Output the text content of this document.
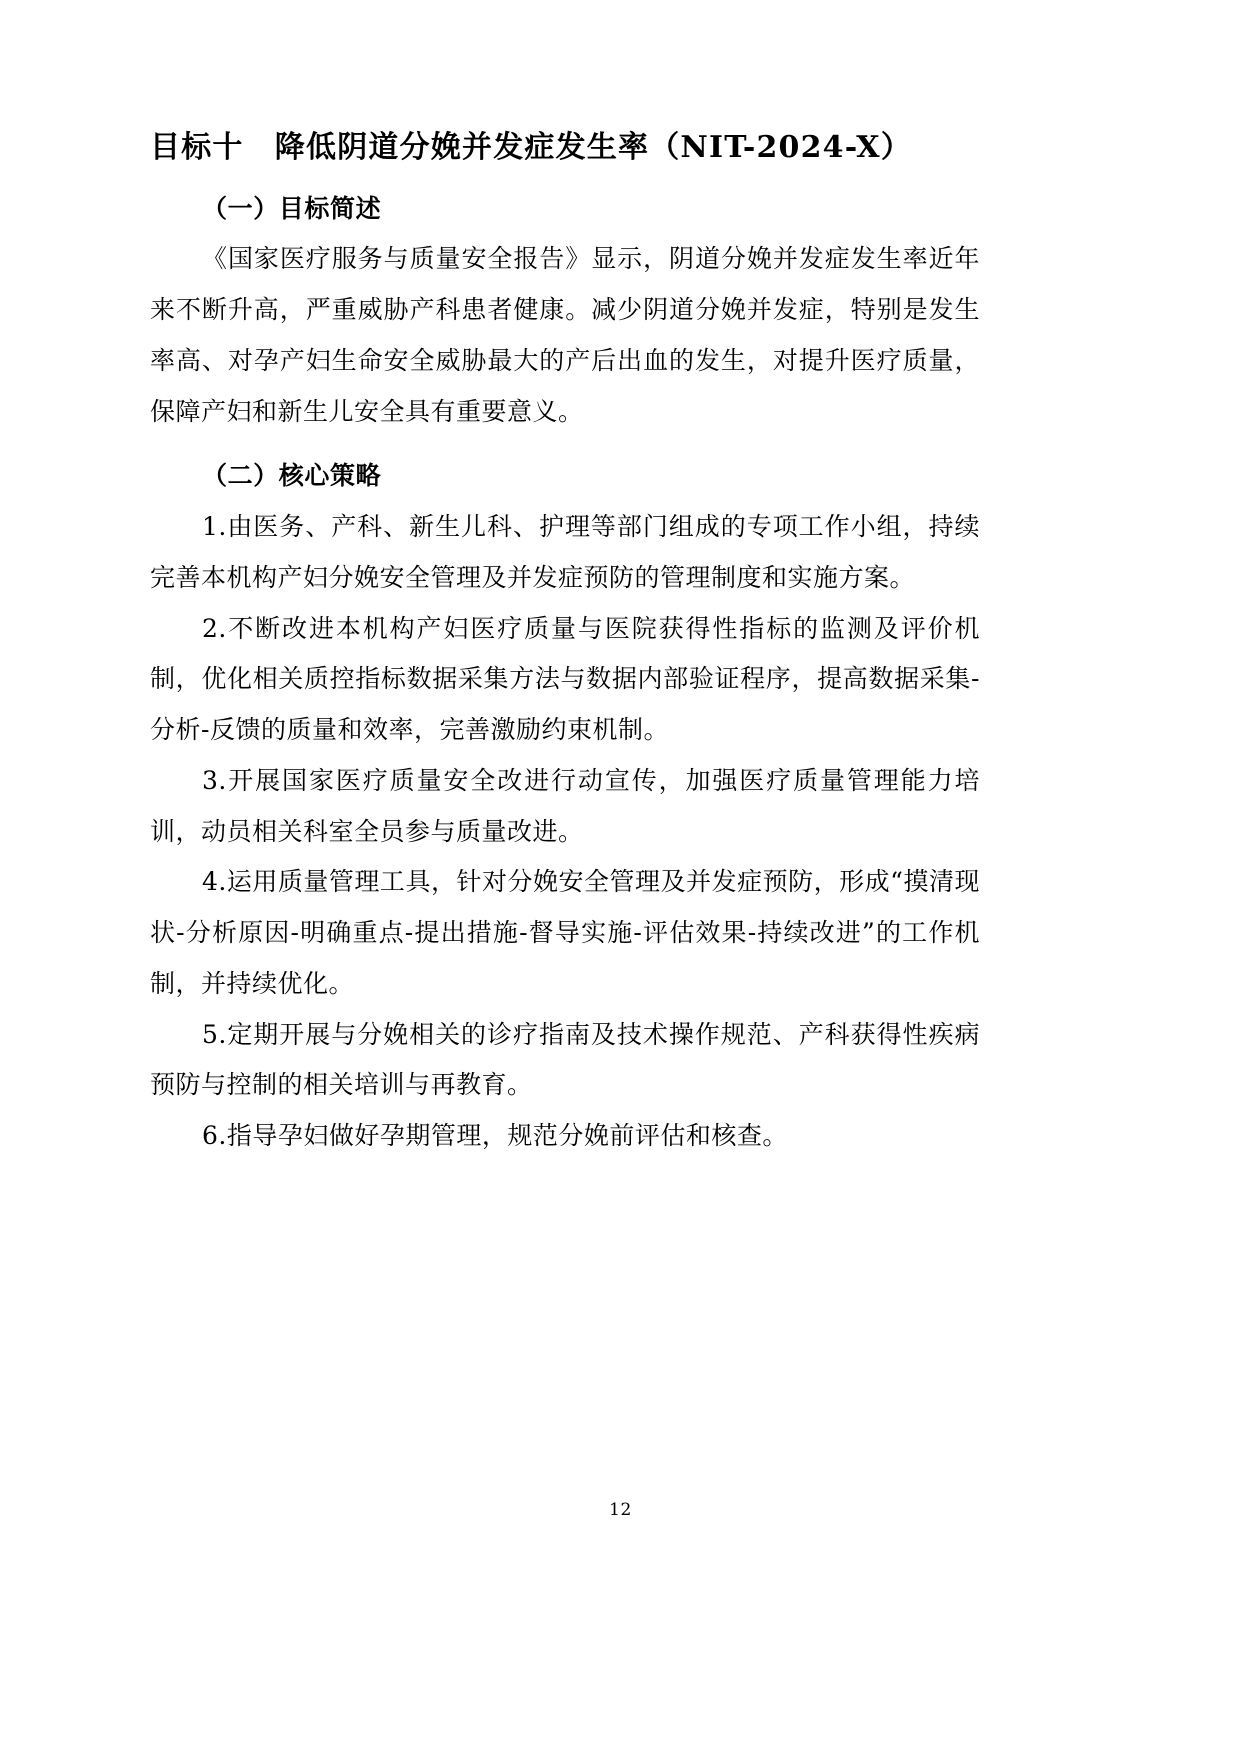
目标十　降低阴道分娩并发症发生率（NIT-2024-X）
（一）目标简述

《国家医疗服务与质量安全报告》显示，阴道分娩并发症发生率近年来不断升高，严重威胁产科患者健康。减少阴道分娩并发症，特别是发生率高、对孕产妇生命安全威胁最大的产后出血的发生，对提升医疗质量，保障产妇和新生儿安全具有重要意义。

（二）核心策略

1.由医务、产科、新生儿科、护理等部门组成的专项工作小组，持续完善本机构产妇分娩安全管理及并发症预防的管理制度和实施方案。

2.不断改进本机构产妇医疗质量与医院获得性指标的监测及评价机制，优化相关质控指标数据采集方法与数据内部验证程序，提高数据采集-分析-反馈的质量和效率，完善激励约束机制。

3.开展国家医疗质量安全改进行动宣传，加强医疗质量管理能力培训，动员相关科室全员参与质量改进。

4.运用质量管理工具，针对分娩安全管理及并发症预防，形成“摸清现状-分析原因-明确重点-提出措施-督导实施-评估效果-持续改进”的工作机制，并持续优化。

5.定期开展与分娩相关的诊疗指南及技术操作规范、产科获得性疾病预防与控制的相关培训与再教育。

6.指导孕妇做好孕期管理，规范分娩前评估和核查。

12
